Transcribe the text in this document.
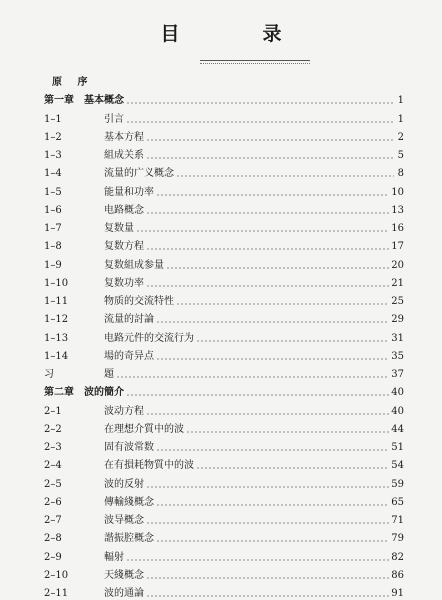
目　录
原 序
第一章　基本概念	1
1–1	引言	1
1–2	基本方程	2
1–3	組成关系	5
1–4	流量的广义概念	8
1–5	能量和功率	10
1–6	电路概念	13
1–7	复数量	16
1–8	复数方程	17
1–9	复数組成参量	20
1–10	复数功率	21
1–11	物质的交流特性	25
1–12	流量的討論	29
1–13	电路元件的交流行为	31
1–14	場的奇异点	35
习	題	37
第二章　波的簡介	40
2–1	波动方程	40
2–2	在理想介質中的波	44
2–3	固有波常数	51
2–4	在有損耗物質中的波	54
2–5	波的反射	59
2–6	傳輸綫概念	65
2–7	波导概念	71
2–8	諧振腔概念	79
2–9	輻射	82
2–10	天綫概念	86
2–11	波的通論	91
